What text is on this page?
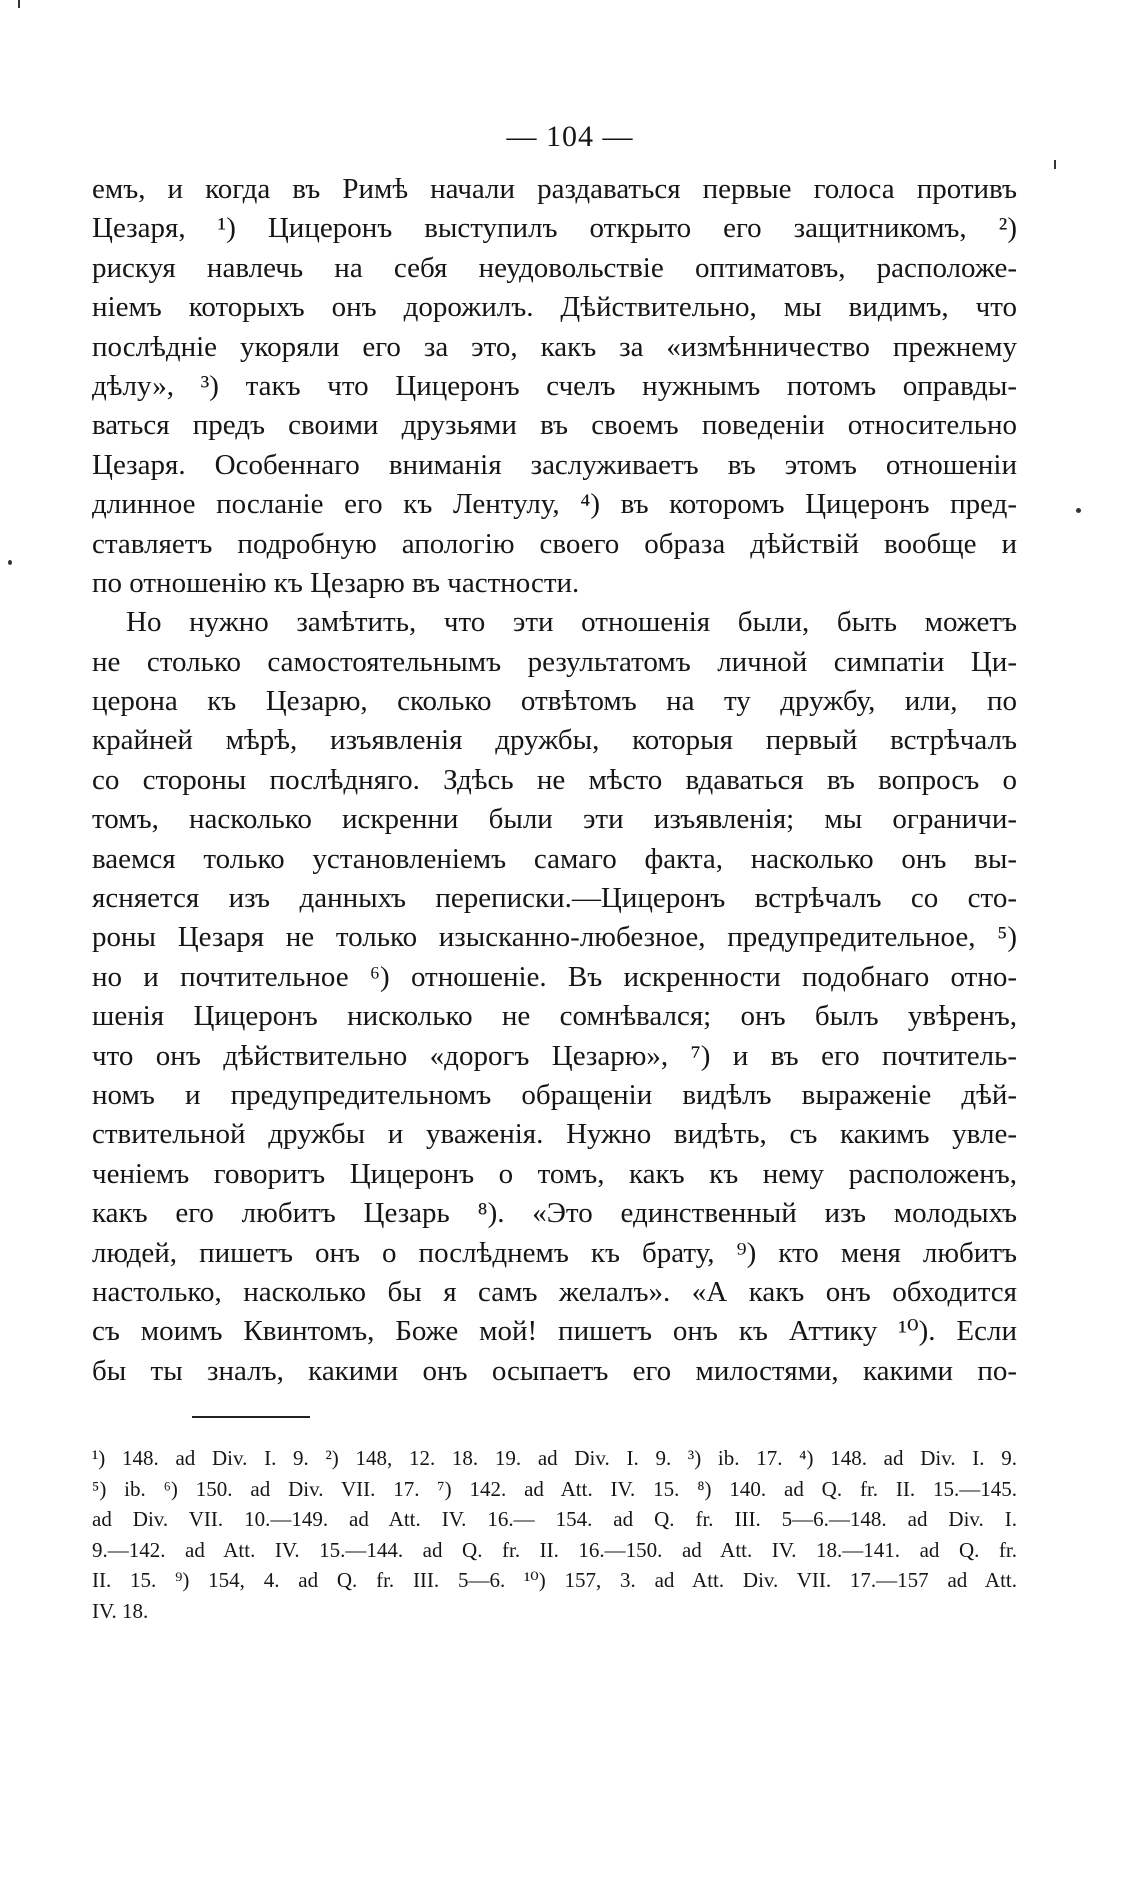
— 104 —
емъ, и когда въ Римѣ начали раздаваться первые голоса противъ
Цезаря, ¹) Цицеронъ выступилъ открыто его защитникомъ, ²)
рискуя навлечь на себя неудовольствіе оптиматовъ, расположе-
ніемъ которыхъ онъ дорожилъ. Дѣйствительно, мы видимъ, что
послѣдніе укоряли его за это, какъ за «измѣнничество прежнему
дѣлу», ³) такъ что Цицеронъ счелъ нужнымъ потомъ оправды-
ваться предъ своими друзьями въ своемъ поведеніи относительно
Цезаря. Особеннаго вниманія заслуживаетъ въ этомъ отношеніи
длинное посланіе его къ Лентулу, ⁴) въ которомъ Цицеронъ пред-
ставляетъ подробную апологію своего образа дѣйствій вообще и
по отношенію къ Цезарю въ частности.
Но нужно замѣтить, что эти отношенія были, быть можетъ
не столько самостоятельнымъ результатомъ личной симпатіи Ци-
церона къ Цезарю, сколько отвѣтомъ на ту дружбу, или, по
крайней мѣрѣ, изъявленія дружбы, которыя первый встрѣчалъ
со стороны послѣдняго. Здѣсь не мѣсто вдаваться въ вопросъ о
томъ, насколько искренни были эти изъявленія; мы ограничи-
ваемся только установленіемъ самаго факта, насколько онъ вы-
ясняется изъ данныхъ переписки.—Цицеронъ встрѣчалъ со сто-
роны Цезаря не только изысканно-любезное, предупредительное, ⁵)
но и почтительное ⁶) отношеніе. Въ искренности подобнаго отно-
шенія Цицеронъ нисколько не сомнѣвался; онъ былъ увѣренъ,
что онъ дѣйствительно «дорогъ Цезарю», ⁷) и въ его почтитель-
номъ и предупредительномъ обращеніи видѣлъ выраженіе дѣй-
ствительной дружбы и уваженія. Нужно видѣть, съ какимъ увле-
ченіемъ говоритъ Цицеронъ о томъ, какъ къ нему расположенъ,
какъ его любитъ Цезарь ⁸). «Это единственный изъ молодыхъ
людей, пишетъ онъ о послѣднемъ къ брату, ⁹) кто меня любитъ
настолько, насколько бы я самъ желалъ». «А какъ онъ обходится
съ моимъ Квинтомъ, Боже мой! пишетъ онъ къ Аттику ¹⁰). Если
бы ты зналъ, какими онъ осыпаетъ его милостями, какими по-
¹) 148. ad Div. I. 9. ²) 148, 12. 18. 19. ad Div. I. 9. ³) ib. 17. ⁴) 148. ad Div. I. 9.
⁵) ib. ⁶) 150. ad Div. VII. 17. ⁷) 142. ad Att. IV. 15. ⁸) 140. ad Q. fr. II. 15.—145.
ad Div. VII. 10.—149. ad Att. IV. 16.— 154. ad Q. fr. III. 5—6.—148. ad Div. I.
9.—142. ad Att. IV. 15.—144. ad Q. fr. II. 16.—150. ad Att. IV. 18.—141. ad Q. fr.
II. 15. ⁹) 154, 4. ad Q. fr. III. 5—6. ¹⁰) 157, 3. ad Att. Div. VII. 17.—157 ad Att.
IV. 18.
